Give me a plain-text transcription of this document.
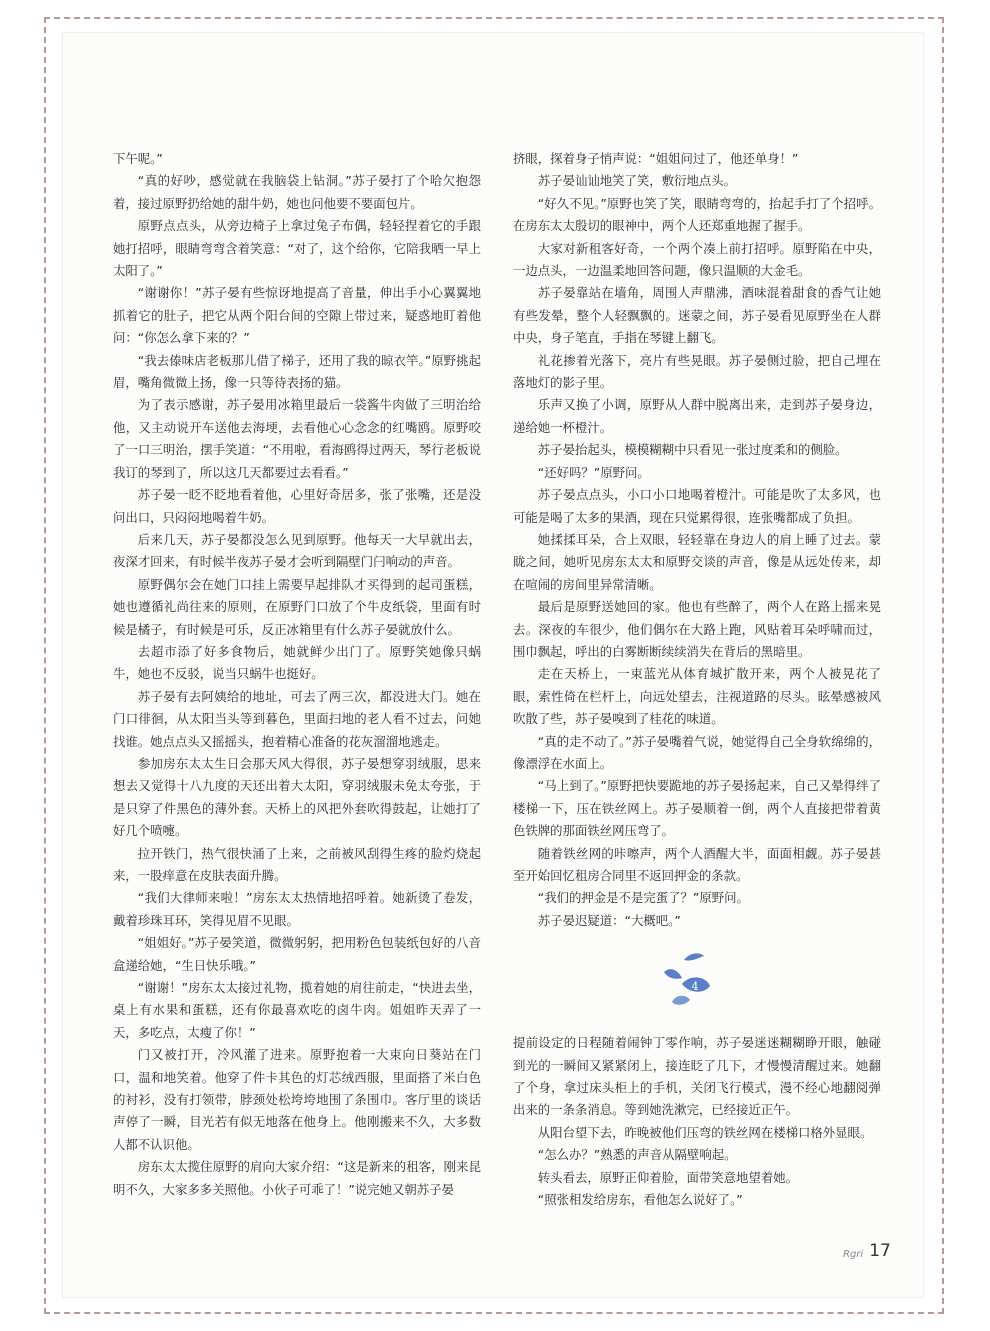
下午呢。”

“真的好吵，感觉就在我脑袋上钻洞。”苏子晏打了个哈欠抱怨着，接过原野扔给她的甜牛奶，她也问他要不要面包片。

原野点点头，从旁边椅子上拿过兔子布偶，轻轻捏着它的手跟她打招呼，眼睛弯弯含着笑意：“对了，这个给你，它陪我晒一早上太阳了。”

“谢谢你！”苏子晏有些惊讶地提高了音量，伸出手小心翼翼地抓着它的肚子，把它从两个阳台间的空隙上带过来，疑惑地盯着他问：“你怎么拿下来的？”

“我去傣味店老板那儿借了梯子，还用了我的晾衣竿。”原野挑起眉，嘴角微微上扬，像一只等待表扬的猫。

为了表示感谢，苏子晏用冰箱里最后一袋酱牛肉做了三明治给他，又主动说开车送他去海埂，去看他心心念念的红嘴鸥。原野咬了一口三明治，摆手笑道：“不用啦，看海鸥得过两天，琴行老板说我订的琴到了，所以这几天都要过去看看。”

苏子晏一眨不眨地看着他，心里好奇居多，张了张嘴，还是没问出口，只闷闷地喝着牛奶。

后来几天，苏子晏都没怎么见到原野。他每天一大早就出去，夜深才回来，有时候半夜苏子晏才会听到隔壁门闩响动的声音。

原野偶尔会在她门口挂上需要早起排队才买得到的起司蛋糕，她也遵循礼尚往来的原则，在原野门口放了个牛皮纸袋，里面有时候是橘子，有时候是可乐，反正冰箱里有什么苏子晏就放什么。

去超市添了好多食物后，她就鲜少出门了。原野笑她像只蜗牛，她也不反驳，说当只蜗牛也挺好。

苏子晏有去阿姨给的地址，可去了两三次，都没进大门。她在门口徘徊，从太阳当头等到暮色，里面扫地的老人看不过去，问她找谁。她点点头又摇摇头，抱着精心准备的花灰溜溜地逃走。

参加房东太太生日会那天风大得很，苏子晏想穿羽绒服，思来想去又觉得十八九度的天还出着大太阳，穿羽绒服未免太夸张，于是只穿了件黑色的薄外套。天桥上的风把外套吹得鼓起，让她打了好几个喷嚏。

拉开铁门，热气很快涌了上来，之前被风刮得生疼的脸灼烧起来，一股痒意在皮肤表面升腾。

“我们大律师来啦！”房东太太热情地招呼着。她新烫了卷发，戴着珍珠耳环，笑得见眉不见眼。

“姐姐好。”苏子晏笑道，微微躬躬，把用粉色包装纸包好的八音盒递给她，“生日快乐哦。”

“谢谢！”房东太太接过礼物，揽着她的肩往前走，“快进去坐，桌上有水果和蛋糕，还有你最喜欢吃的卤牛肉。姐姐昨天弄了一天，多吃点，太瘦了你！”

门又被打开，冷风灌了进来。原野抱着一大束向日葵站在门口，温和地笑着。他穿了件卡其色的灯芯绒西服，里面搭了米白色的衬衫，没有打领带，脖颈处松垮垮地围了条围巾。客厅里的谈话声停了一瞬，目光若有似无地落在他身上。他刚搬来不久，大多数人都不认识他。

房东太太揽住原野的肩向大家介绍：“这是新来的租客，刚来昆明不久，大家多多关照他。小伙子可乖了！”说完她又朝苏子晏

挤眼，探着身子悄声说：“姐姐问过了，他还单身！”

苏子晏讪讪地笑了笑，敷衍地点头。

“好久不见。”原野也笑了笑，眼睛弯弯的，抬起手打了个招呼。在房东太太殷切的眼神中，两个人还郑重地握了握手。

大家对新租客好奇，一个两个凑上前打招呼。原野陷在中央，一边点头，一边温柔地回答问题，像只温顺的大金毛。

苏子晏靠站在墙角，周围人声鼎沸，酒味混着甜食的香气让她有些发晕，整个人轻飘飘的。迷蒙之间，苏子晏看见原野坐在人群中央，身子笔直，手指在琴键上翻飞。

礼花掺着光落下，亮片有些晃眼。苏子晏侧过脸，把自己埋在落地灯的影子里。

乐声又换了小调，原野从人群中脱离出来，走到苏子晏身边，递给她一杯橙汁。

苏子晏抬起头，模模糊糊中只看见一张过度柔和的侧脸。

“还好吗？”原野问。

苏子晏点点头，小口小口地喝着橙汁。可能是吹了太多风，也可能是喝了太多的果酒，现在只觉累得很，连张嘴都成了负担。

她揉揉耳朵，合上双眼，轻轻靠在身边人的肩上睡了过去。蒙眬之间，她听见房东太太和原野交谈的声音，像是从远处传来，却在喧闹的房间里异常清晰。

最后是原野送她回的家。他也有些醉了，两个人在路上摇来晃去。深夜的车很少，他们偶尔在大路上跑，风贴着耳朵呼啸而过，围巾飘起，呼出的白雾断断续续消失在背后的黑暗里。

走在天桥上，一束蓝光从体育城扩散开来，两个人被晃花了眼，索性倚在栏杆上，向远处望去，注视道路的尽头。眩晕感被风吹散了些，苏子晏嗅到了桂花的味道。

“真的走不动了。”苏子晏嘴着气说，她觉得自己全身软绵绵的，像漂浮在水面上。

“马上到了。”原野把快要跪地的苏子晏扬起来，自己又晕得绊了楼梯一下，压在铁丝网上。苏子晏顺着一倒，两个人直接把带着黄色铁牌的那面铁丝网压弯了。

随着铁丝网的咔嚓声，两个人酒醒大半，面面相觑。苏子晏甚至开始回忆租房合同里不返回押金的条款。

“我们的押金是不是完蛋了？”原野问。

苏子晏迟疑道：“大概吧。”

提前设定的日程随着闹钟丁零作响，苏子晏迷迷糊糊睁开眼，触碰到光的一瞬间又紧紧闭上，接连眨了几下，才慢慢清醒过来。她翻了个身，拿过床头柜上的手机，关闭飞行模式，漫不经心地翻阅弹出来的一条条消息。等到她洗漱完，已经接近正午。

从阳台望下去，昨晚被他们压弯的铁丝网在楼梯口格外显眼。

“怎么办？”熟悉的声音从隔壁响起。

转头看去，原野正仰着脸，面带笑意地望着她。

“照张相发给房东，看他怎么说好了。”

4
Rgri 17
